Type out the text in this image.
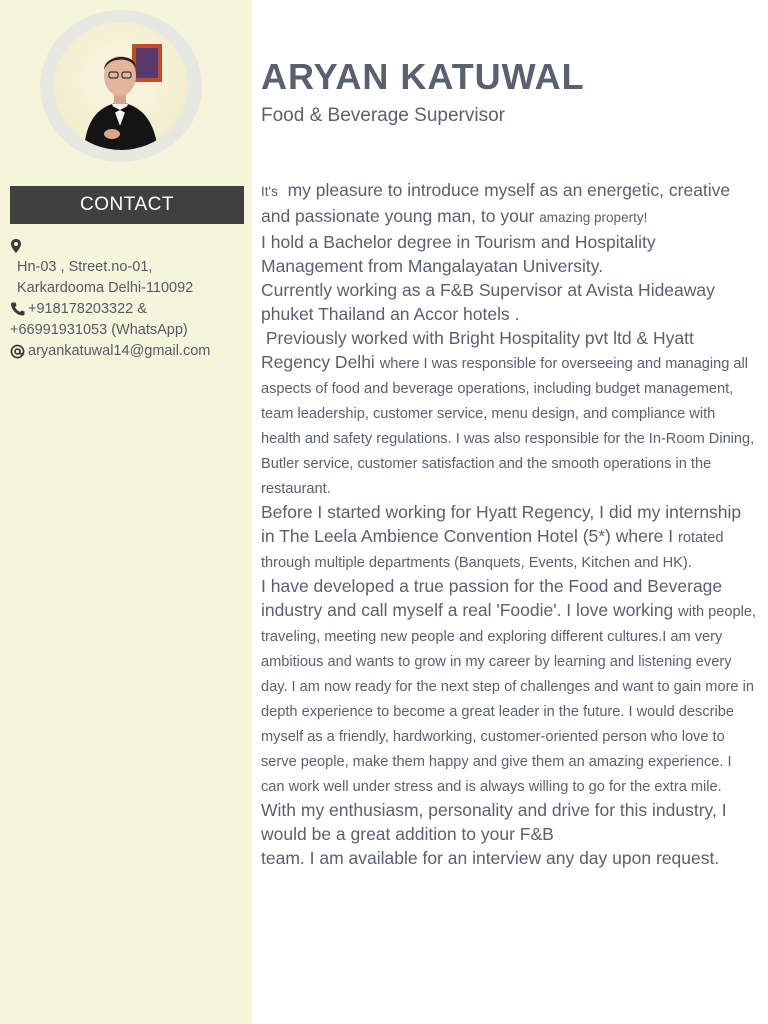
CONTACT
Hn-03 , Street.no-01,
Karkardooma Delhi-110092
+918178203322 &
+66991931053 (WhatsApp)
aryankatuwal14@gmail.com
ARYAN KATUWAL
Food & Beverage Supervisor

It's my pleasure to introduce myself as an energetic, creative and passionate young man, to your amazing property!

I hold a Bachelor degree in Tourism and Hospitality Management from Mangalayatan University.

Currently working as a F&B Supervisor at Avista Hideaway phuket Thailand an Accor hotels .

Previously worked with Bright Hospitality pvt ltd & Hyatt Regency Delhi where I was responsible for overseeing and managing all aspects of food and beverage operations, including budget management, team leadership, customer service, menu design, and compliance with health and safety regulations. I was also responsible for the In-Room Dining, Butler service, customer satisfaction and the smooth operations in the restaurant.

Before I started working for Hyatt Regency, I did my internship in The Leela Ambience Convention Hotel (5*) where I rotated through multiple departments (Banquets, Events, Kitchen and HK).

I have developed a true passion for the Food and Beverage industry and call myself a real 'Foodie'. I love working with people, traveling, meeting new people and exploring different cultures.I am very ambitious and wants to grow in my career by learning and listening every day. I am now ready for the next step of challenges and want to gain more in depth experience to become a great leader in the future. I would describe myself as a friendly, hardworking, customer-oriented person who love to serve people, make them happy and give them an amazing experience. I can work well under stress and is always willing to go for the extra mile.

With my enthusiasm, personality and drive for this industry, I would be a great addition to your F&B
team. I am available for an interview any day upon request.
